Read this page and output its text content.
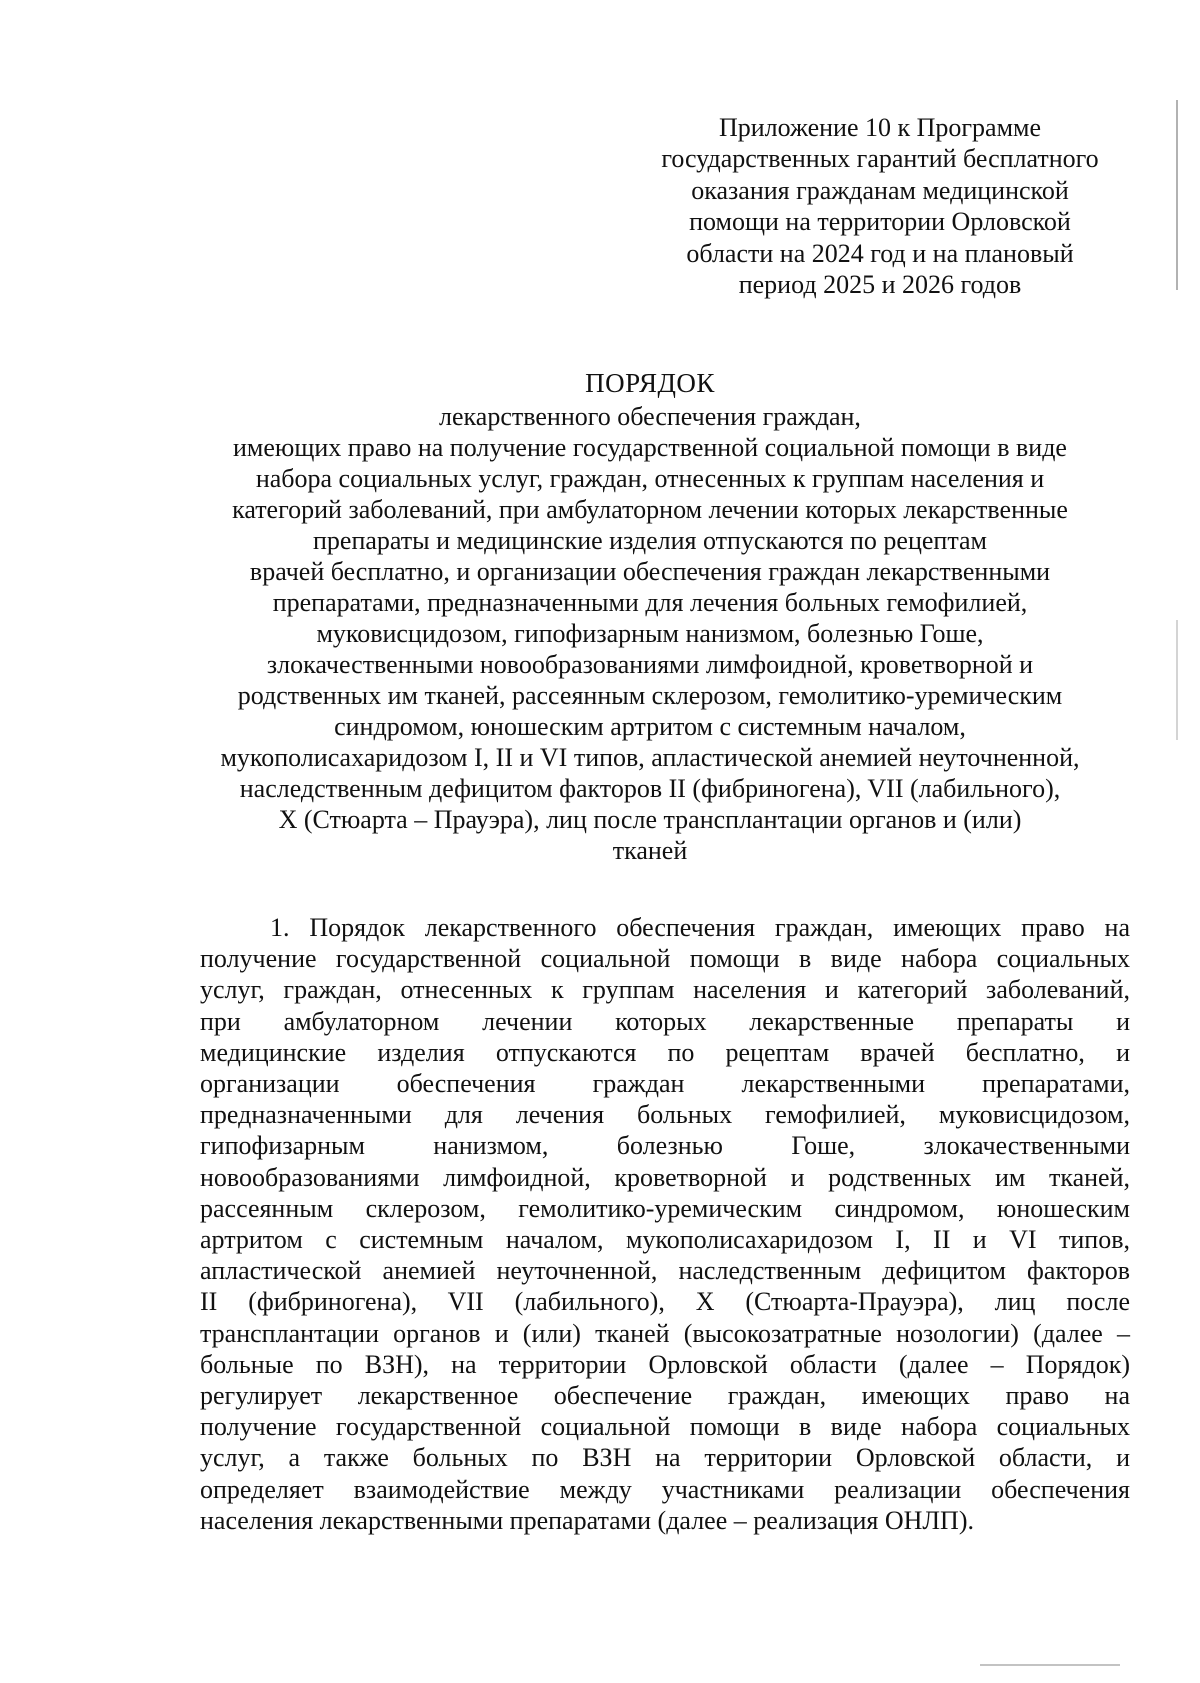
Приложение 10 к Программе
государственных гарантий бесплатного
оказания гражданам медицинской
помощи на территории Орловской
области на 2024 год и на плановый
период 2025 и 2026 годов
ПОРЯДОК
лекарственного обеспечения граждан,
имеющих право на получение государственной социальной помощи в виде
набора социальных услуг, граждан, отнесенных к группам населения и
категорий заболеваний, при амбулаторном лечении которых лекарственные
препараты и медицинские изделия отпускаются по рецептам
врачей бесплатно, и организации обеспечения граждан лекарственными
препаратами, предназначенными для лечения больных гемофилией,
муковисцидозом, гипофизарным нанизмом, болезнью Гоше,
злокачественными новообразованиями лимфоидной, кроветворной и
родственных им тканей, рассеянным склерозом, гемолитико-уремическим
синдромом, юношеским артритом с системным началом,
мукополисахаридозом I, II и VI типов, апластической анемией неуточненной,
наследственным дефицитом факторов II (фибриногена), VII (лабильного),
X (Стюарта – Прауэра), лиц после трансплантации органов и (или)
тканей
1. Порядок лекарственного обеспечения граждан, имеющих право на
получение государственной социальной помощи в виде набора социальных
услуг, граждан, отнесенных к группам населения и категорий заболеваний,
при амбулаторном лечении которых лекарственные препараты и
медицинские изделия отпускаются по рецептам врачей бесплатно, и
организации обеспечения граждан лекарственными препаратами,
предназначенными для лечения больных гемофилией, муковисцидозом,
гипофизарным нанизмом, болезнью Гоше, злокачественными
новообразованиями лимфоидной, кроветворной и родственных им тканей,
рассеянным склерозом, гемолитико-уремическим синдромом, юношеским
артритом с системным началом, мукополисахаридозом I, II и VI типов,
апластической анемией неуточненной, наследственным дефицитом факторов
II (фибриногена), VII (лабильного), X (Стюарта-Прауэра), лиц после
трансплантации органов и (или) тканей (высокозатратные нозологии) (далее –
больные по ВЗН), на территории Орловской области (далее – Порядок)
регулирует лекарственное обеспечение граждан, имеющих право на
получение государственной социальной помощи в виде набора социальных
услуг, а также больных по ВЗН на территории Орловской области, и
определяет взаимодействие между участниками реализации обеспечения
населения лекарственными препаратами (далее – реализация ОНЛП).
